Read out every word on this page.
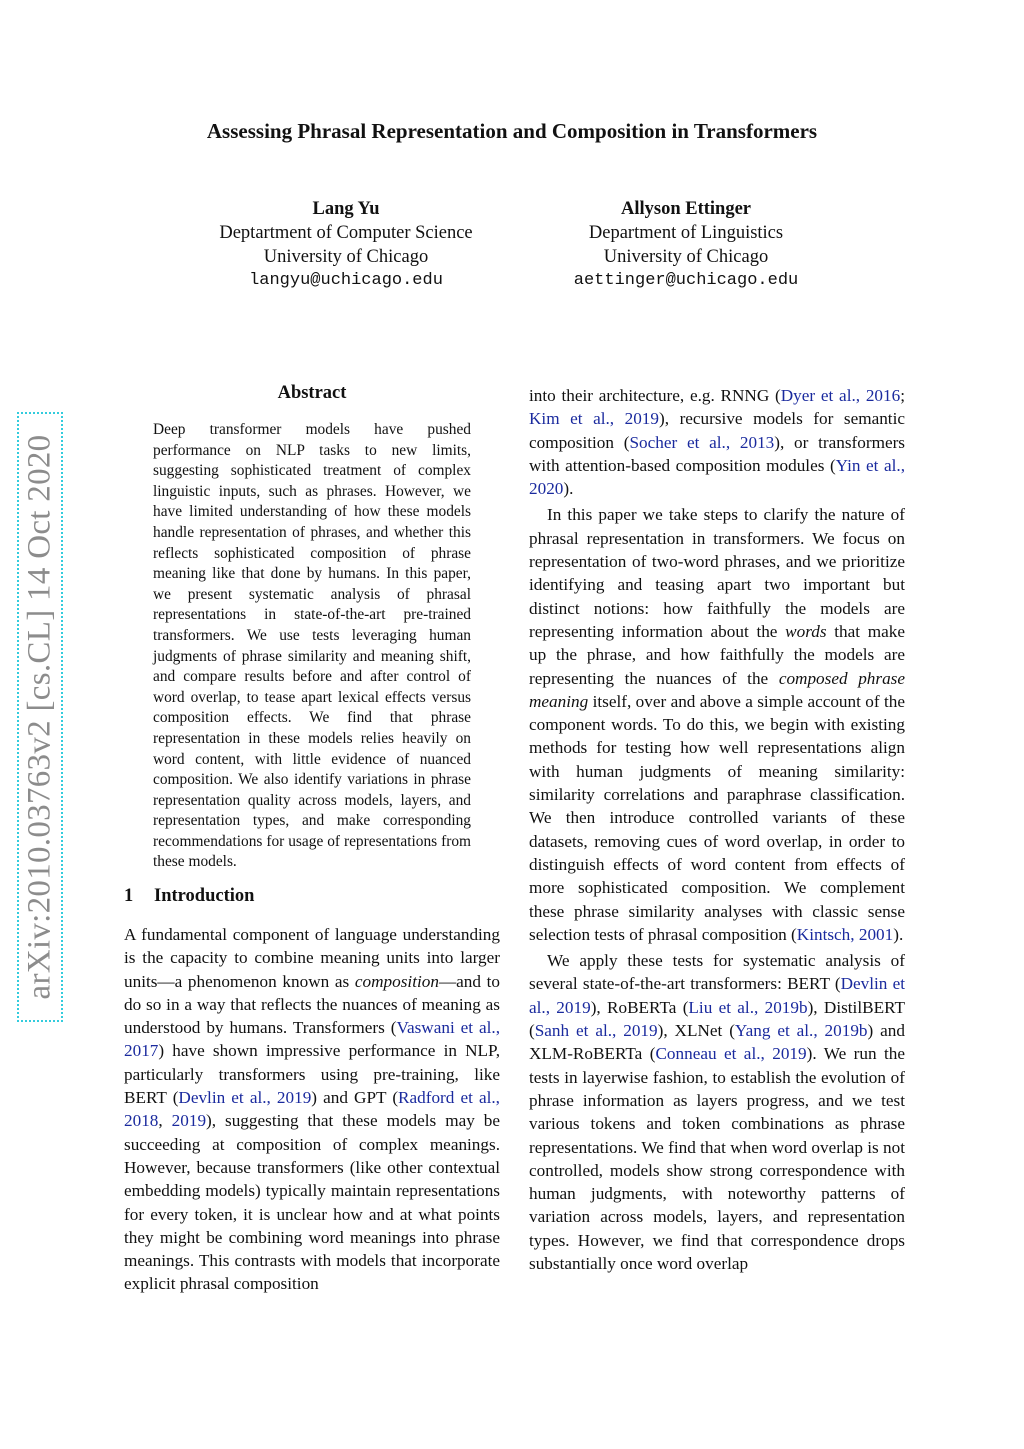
Assessing Phrasal Representation and Composition in Transformers
Lang Yu
Deptartment of Computer Science
University of Chicago
langyu@uchicago.edu
Allyson Ettinger
Department of Linguistics
University of Chicago
aettinger@uchicago.edu
arXiv:2010.03763v2 [cs.CL] 14 Oct 2020
Abstract
Deep transformer models have pushed performance on NLP tasks to new limits, suggesting sophisticated treatment of complex linguistic inputs, such as phrases. However, we have limited understanding of how these models handle representation of phrases, and whether this reflects sophisticated composition of phrase meaning like that done by humans. In this paper, we present systematic analysis of phrasal representations in state-of-the-art pre-trained transformers. We use tests leveraging human judgments of phrase similarity and meaning shift, and compare results before and after control of word overlap, to tease apart lexical effects versus composition effects. We find that phrase representation in these models relies heavily on word content, with little evidence of nuanced composition. We also identify variations in phrase representation quality across models, layers, and representation types, and make corresponding recommendations for usage of representations from these models.
1 Introduction

A fundamental component of language understanding is the capacity to combine meaning units into larger units—a phenomenon known as composition—and to do so in a way that reflects the nuances of meaning as understood by humans. Transformers (Vaswani et al., 2017) have shown impressive performance in NLP, particularly transformers using pre-training, like BERT (Devlin et al., 2019) and GPT (Radford et al., 2018, 2019), suggesting that these models may be succeeding at composition of complex meanings. However, because transformers (like other contextual embedding models) typically maintain representations for every token, it is unclear how and at what points they might be combining word meanings into phrase meanings. This contrasts with models that incorporate explicit phrasal composition

into their architecture, e.g. RNNG (Dyer et al., 2016; Kim et al., 2019), recursive models for semantic composition (Socher et al., 2013), or transformers with attention-based composition modules (Yin et al., 2020).

In this paper we take steps to clarify the nature of phrasal representation in transformers. We focus on representation of two-word phrases, and we prioritize identifying and teasing apart two important but distinct notions: how faithfully the models are representing information about the words that make up the phrase, and how faithfully the models are representing the nuances of the composed phrase meaning itself, over and above a simple account of the component words. To do this, we begin with existing methods for testing how well representations align with human judgments of meaning similarity: similarity correlations and paraphrase classification. We then introduce controlled variants of these datasets, removing cues of word overlap, in order to distinguish effects of word content from effects of more sophisticated composition. We complement these phrase similarity analyses with classic sense selection tests of phrasal composition (Kintsch, 2001).

We apply these tests for systematic analysis of several state-of-the-art transformers: BERT (Devlin et al., 2019), RoBERTa (Liu et al., 2019b), DistilBERT (Sanh et al., 2019), XLNet (Yang et al., 2019b) and XLM-RoBERTa (Conneau et al., 2019). We run the tests in layerwise fashion, to establish the evolution of phrase information as layers progress, and we test various tokens and token combinations as phrase representations. We find that when word overlap is not controlled, models show strong correspondence with human judgments, with noteworthy patterns of variation across models, layers, and representation types. However, we find that correspondence drops substantially once word overlap
